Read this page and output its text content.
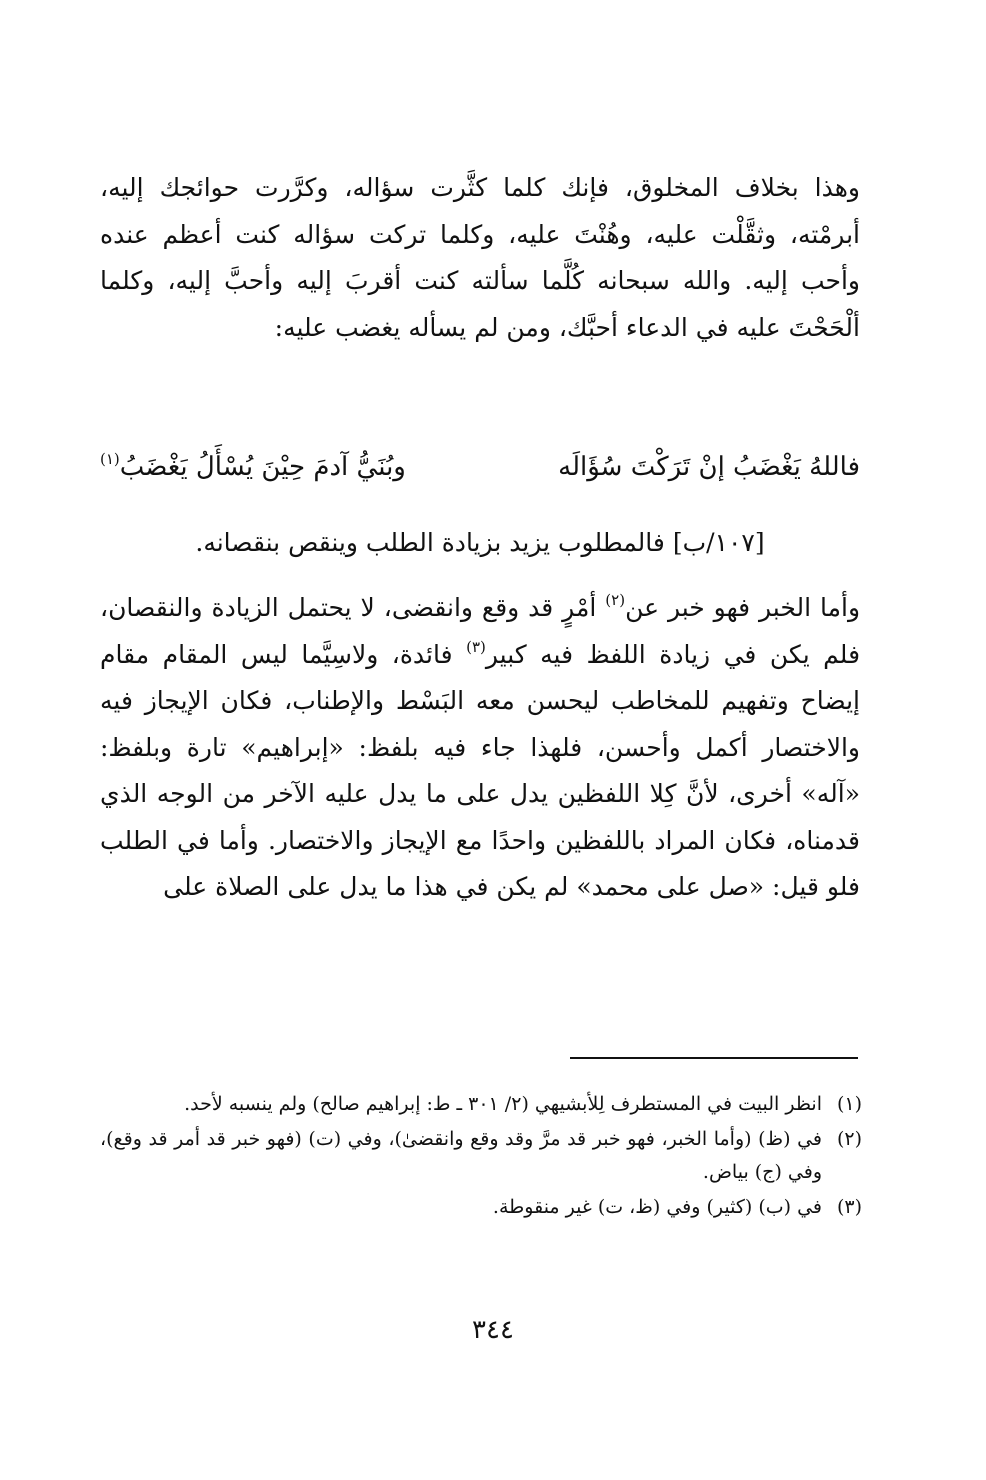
وهذا بخلاف المخلوق، فإنك كلما كثَّرت سؤاله، وكرَّرت حوائجك إليه، أبرمْته، وثقَّلْت عليه، وهُنْتَ عليه، وكلما تركت سؤاله كنت أعظم عنده وأحب إليه. والله سبحانه كُلَّما سألته كنت أقربَ إليه وأحبَّ إليه، وكلما ألْحَحْتَ عليه في الدعاء أحبَّك، ومن لم يسأله يغضب عليه:

فاللهُ يَغْضَبُ إنْ تَرَكْتَ سُؤَالَه
وبُنَيُّ آدمَ حِيْنَ يُسْأَلُ يَغْضَبُ$^{(١)}$
[١٠٧/ب] فالمطلوب يزيد بزيادة الطلب وينقص بنقصانه.

وأما الخبر فهو خبر عن$^{(٢)}$ أمْرٍ قد وقع وانقضى، لا يحتمل الزيادة والنقصان، فلم يكن في زيادة اللفظ فيه كبير$^{(٣)}$ فائدة، ولاسِيَّما ليس المقام مقام إيضاح وتفهيم للمخاطب ليحسن معه البَسْط والإطناب، فكان الإيجاز فيه والاختصار أكمل وأحسن، فلهذا جاء فيه بلفظ: «إبراهيم» تارة وبلفظ: «آله» أخرى، لأنَّ كِلا اللفظين يدل على ما يدل عليه الآخر من الوجه الذي قدمناه، فكان المراد باللفظين واحدًا مع الإيجاز والاختصار. وأما في الطلب فلو قيل: «صل على محمد» لم يكن في هذا ما يدل على الصلاة على

(١)
انظر البيت في المستطرف لِلأبشيهي (٢/ ٣٠١ ـ ط: إبراهيم صالح) ولم ينسبه لأحد.
(٢)
في (ظ) (وأما الخبر، فهو خبر قد مرَّ وقد وقع وانقضىٰ)، وفي (ت) (فهو خبر قد أمر قد وقع)، وفي (ج) بياض.
(٣)
في (ب) (كثير) وفي (ظ، ت) غير منقوطة.
٣٤٤
